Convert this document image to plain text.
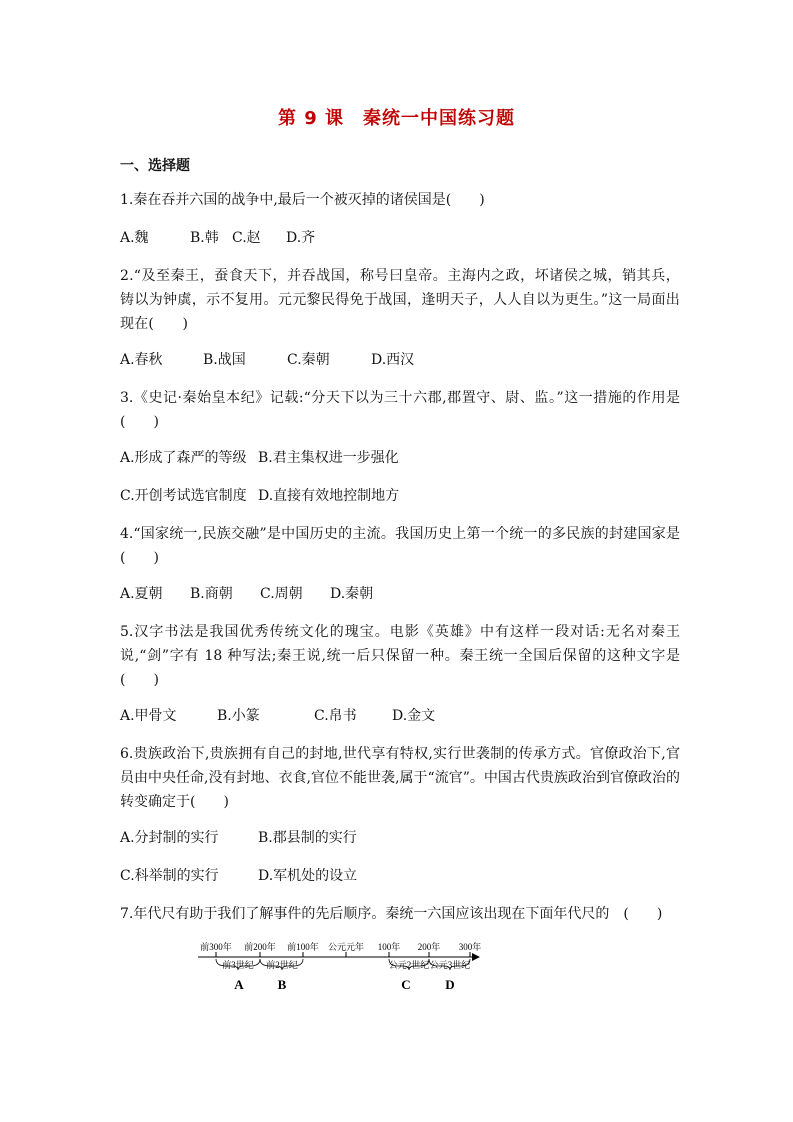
第 9 课　秦统一中国练习题
一、选择题
1.秦在吞并六国的战争中,最后一个被灭掉的诸侯国是(　　)
A.魏	B.韩 C.赵 D.齐
2.“及至秦王，蚕食天下，并吞战国，称号曰皇帝。主海内之政，坏诸侯之城，销其兵，铸以为钟虡，示不复用。元元黎民得免于战国，逢明天子，人人自以为更生。”这一局面出现在(　　)
A.春秋	B.战国	C.秦朝	D.西汉
3.《史记·秦始皇本纪》记载:“分天下以为三十六郡,郡置守、尉、监。”这一措施的作用是　(　　)
A.形成了森严的等级 B.君主集权进一步强化
C.开创考试选官制度 D.直接有效地控制地方
4.“国家统一,民族交融”是中国历史的主流。我国历史上第一个统一的多民族的封建国家是　(　　)
A.夏朝 B.商朝 C.周朝 D.秦朝
5.汉字书法是我国优秀传统文化的瑰宝。电影《英雄》中有这样一段对话:无名对秦王说,“剑”字有 18 种写法;秦王说,统一后只保留一种。秦王统一全国后保留的这种文字是(　　)
A.甲骨文	B.小篆	C.帛书	D.金文
6.贵族政治下,贵族拥有自己的封地,世代享有特权,实行世袭制的传承方式。官僚政治下,官员由中央任命,没有封地、衣食,官位不能世袭,属于“流官”。中国古代贵族政治到官僚政治的转变确定于(　　)
A.分封制的实行	B.郡县制的实行
C.科举制的实行	D.军机处的设立
7.年代尺有助于我们了解事件的先后顺序。秦统一六国应该出现在下面年代尺的　(　　)
前300年 前200年 前100年 公元元年 100年 200年 300年
前3世纪 前2世纪	公元2世纪 公元3世纪
A	B	C	D
